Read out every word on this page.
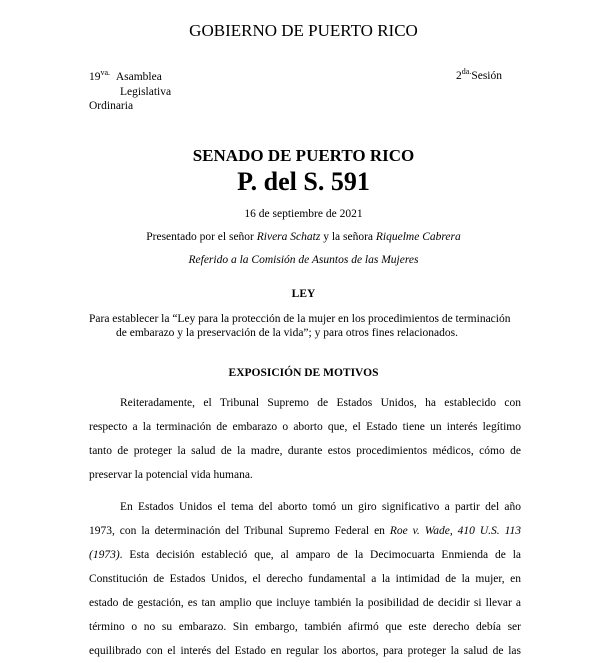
GOBIERNO DE PUERTO RICO
$19^{va.}$ Asamblea
Legislativa
Ordinaria
$2^{da.}Sesión$
SENADO DE PUERTO RICO
P. del S. 591
16 de septiembre de 2021
Presentado por el señor Rivera Schatz y la señora Riquelme Cabrera
Referido a la Comisión de Asuntos de las Mujeres
LEY
Para establecer la “Ley para la protección de la mujer en los procedimientos de terminación
de embarazo y la preservación de la vida”; y para otros fines relacionados.
EXPOSICIÓN DE MOTIVOS
Reiteradamente, el Tribunal Supremo de Estados Unidos, ha establecido con
respecto a la terminación de embarazo o aborto que, el Estado tiene un interés legítimo
tanto de proteger la salud de la madre, durante estos procedimientos médicos, cómo de
preservar la potencial vida humana.
En Estados Unidos el tema del aborto tomó un giro significativo a partir del año
1973, con la determinación del Tribunal Supremo Federal en Roe v. Wade, 410 U.S. 113
(1973). Esta decisión estableció que, al amparo de la Decimocuarta Enmienda de la
Constitución de Estados Unidos, el derecho fundamental a la intimidad de la mujer, en
estado de gestación, es tan amplio que incluye también la posibilidad de decidir si llevar a
término o no su embarazo. Sin embargo, también afirmó que este derecho debía ser
equilibrado con el interés del Estado en regular los abortos, para proteger la salud de las
